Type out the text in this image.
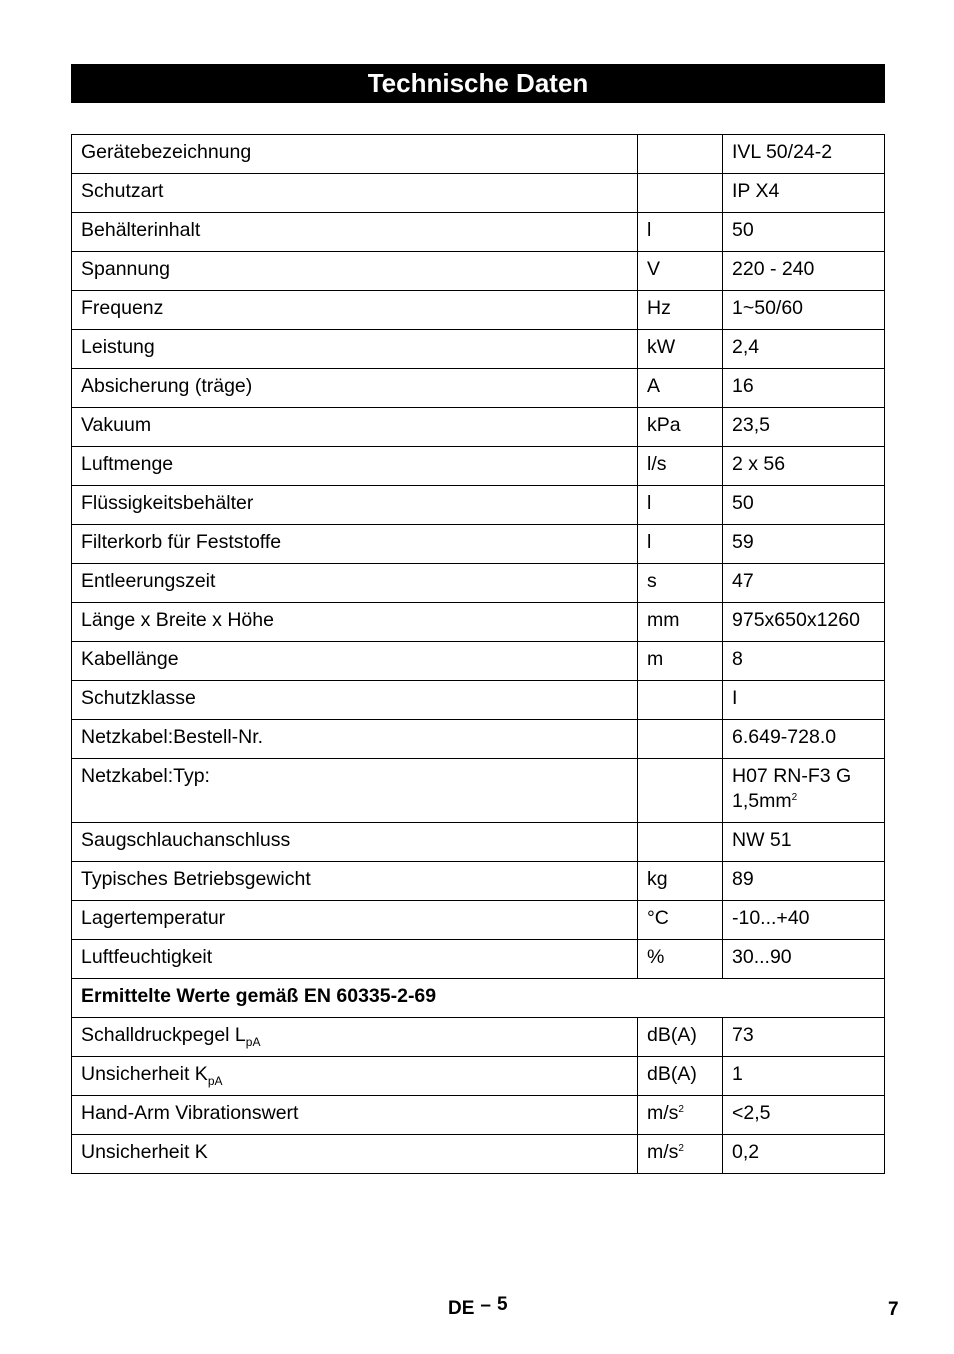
Technische Daten
Gerätebezeichnung		IVL 50/24-2
Schutzart		IP X4
Behälterinhalt	l	50
Spannung	V	220 - 240
Frequenz	Hz	1~50/60
Leistung	kW	2,4
Absicherung (träge)	A	16
Vakuum	kPa	23,5
Luftmenge	l/s	2 x 56
Flüssigkeitsbehälter	l	50
Filterkorb für Feststoffe	l	59
Entleerungszeit	s	47
Länge x Breite x Höhe	mm	975x650x1260
Kabellänge	m	8
Schutzklasse		I
Netzkabel:Bestell-Nr.		6.649-728.0
Netzkabel:Typ:		H07 RN-F3 G
$1,5mm^2$
Saugschlauchanschluss		NW 51
Typisches Betriebsgewicht	kg	89
Lagertemperatur	°C	-10...+40
Luftfeuchtigkeit	%	30...90
Ermittelte Werte gemäß EN 60335-2-69		
Schalldruckpegel $L_{pA}$	dB(A)	73
Unsicherheit $K_{pA}$	dB(A)	1
Hand-Arm Vibrationswert	$m/s^2$	<2,5
Unsicherheit K	$m/s^2$	0,2
DE – 5	7
